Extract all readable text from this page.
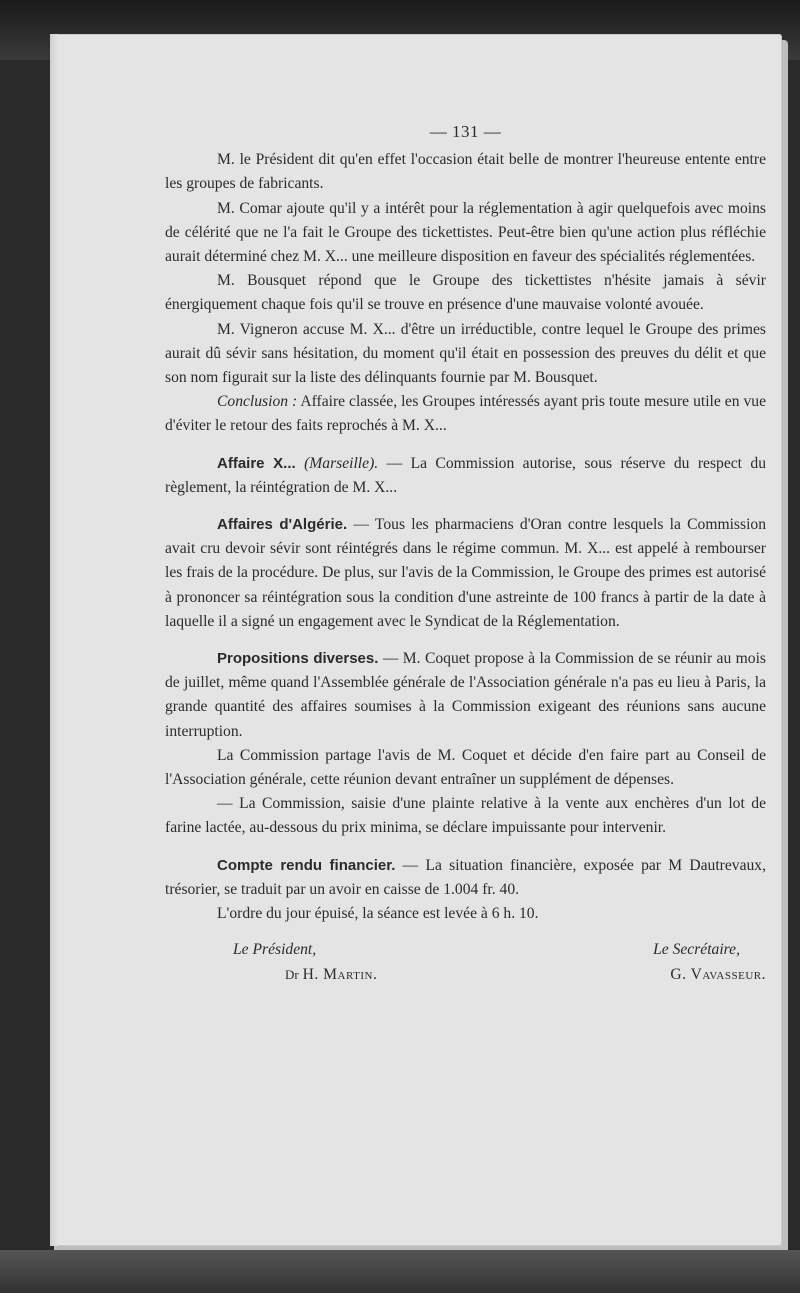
— 131 —

M. le Président dit qu'en effet l'occasion était belle de montrer l'heureuse entente entre les groupes de fabricants.

M. Comar ajoute qu'il y a intérêt pour la réglementation à agir quelquefois avec moins de célérité que ne l'a fait le Groupe des tickettistes. Peut-être bien qu'une action plus réfléchie aurait déterminé chez M. X... une meilleure disposition en faveur des spécialités réglementées.

M. Bousquet répond que le Groupe des tickettistes n'hésite jamais à sévir énergiquement chaque fois qu'il se trouve en présence d'une mauvaise volonté avouée.

M. Vigneron accuse M. X... d'être un irréductible, contre lequel le Groupe des primes aurait dû sévir sans hésitation, du moment qu'il était en possession des preuves du délit et que son nom figurait sur la liste des délinquants fournie par M. Bousquet.

Conclusion : Affaire classée, les Groupes intéressés ayant pris toute mesure utile en vue d'éviter le retour des faits reprochés à M. X...

Affaire X... (Marseille). — La Commission autorise, sous réserve du respect du règlement, la réintégration de M. X...

Affaires d'Algérie. — Tous les pharmaciens d'Oran contre lesquels la Commission avait cru devoir sévir sont réintégrés dans le régime commun. M. X... est appelé à rembourser les frais de la procédure. De plus, sur l'avis de la Commission, le Groupe des primes est autorisé à prononcer sa réintégration sous la condition d'une astreinte de 100 francs à partir de la date à laquelle il a signé un engagement avec le Syndicat de la Réglementation.

Propositions diverses. — M. Coquet propose à la Commission de se réunir au mois de juillet, même quand l'Assemblée générale de l'Association générale n'a pas eu lieu à Paris, la grande quantité des affaires soumises à la Commission exigeant des réunions sans aucune interruption.

La Commission partage l'avis de M. Coquet et décide d'en faire part au Conseil de l'Association générale, cette réunion devant entraîner un supplément de dépenses.

— La Commission, saisie d'une plainte relative à la vente aux enchères d'un lot de farine lactée, au-dessous du prix minima, se déclare impuissante pour intervenir.

Compte rendu financier. — La situation financière, exposée par M Dautrevaux, trésorier, se traduit par un avoir en caisse de 1.004 fr. 40.

L'ordre du jour épuisé, la séance est levée à 6 h. 10.

Le Président,	Le Secrétaire,
Dr H. Martin.	G. Vavasseur.
